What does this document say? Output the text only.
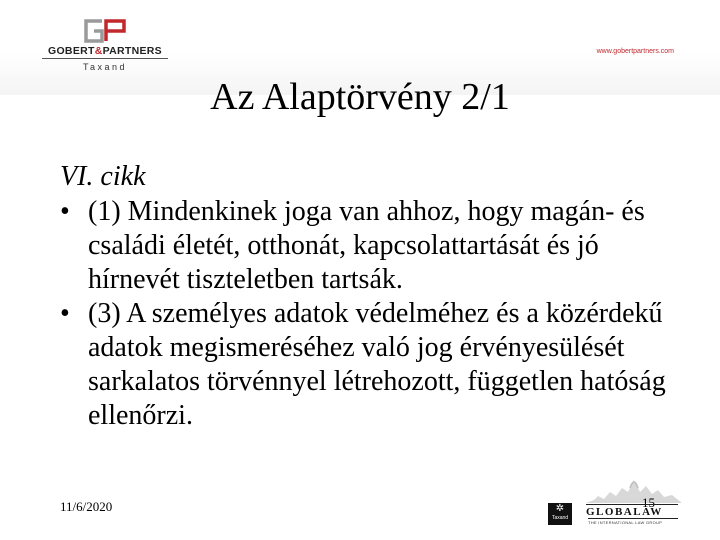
GOBERT&PARTNERS
Taxand
www.gobertpartners.com
Az Alaptörvény 2/1
VI. cikk
• (1) Mindenkinek joga van ahhoz, hogy magán- és családi életét, otthonát, kapcsolattartását és jó hírnevét tiszteletben tartsák.
• (3) A személyes adatok védelméhez és a közérdekű adatok megismeréséhez való jog érvényesülését sarkalatos törvénnyel létrehozott, független hatóság ellenőrzi.
11/6/2020	15
✲
Taxand	GLOBALAW
THE INTERNATIONAL LAW GROUP
